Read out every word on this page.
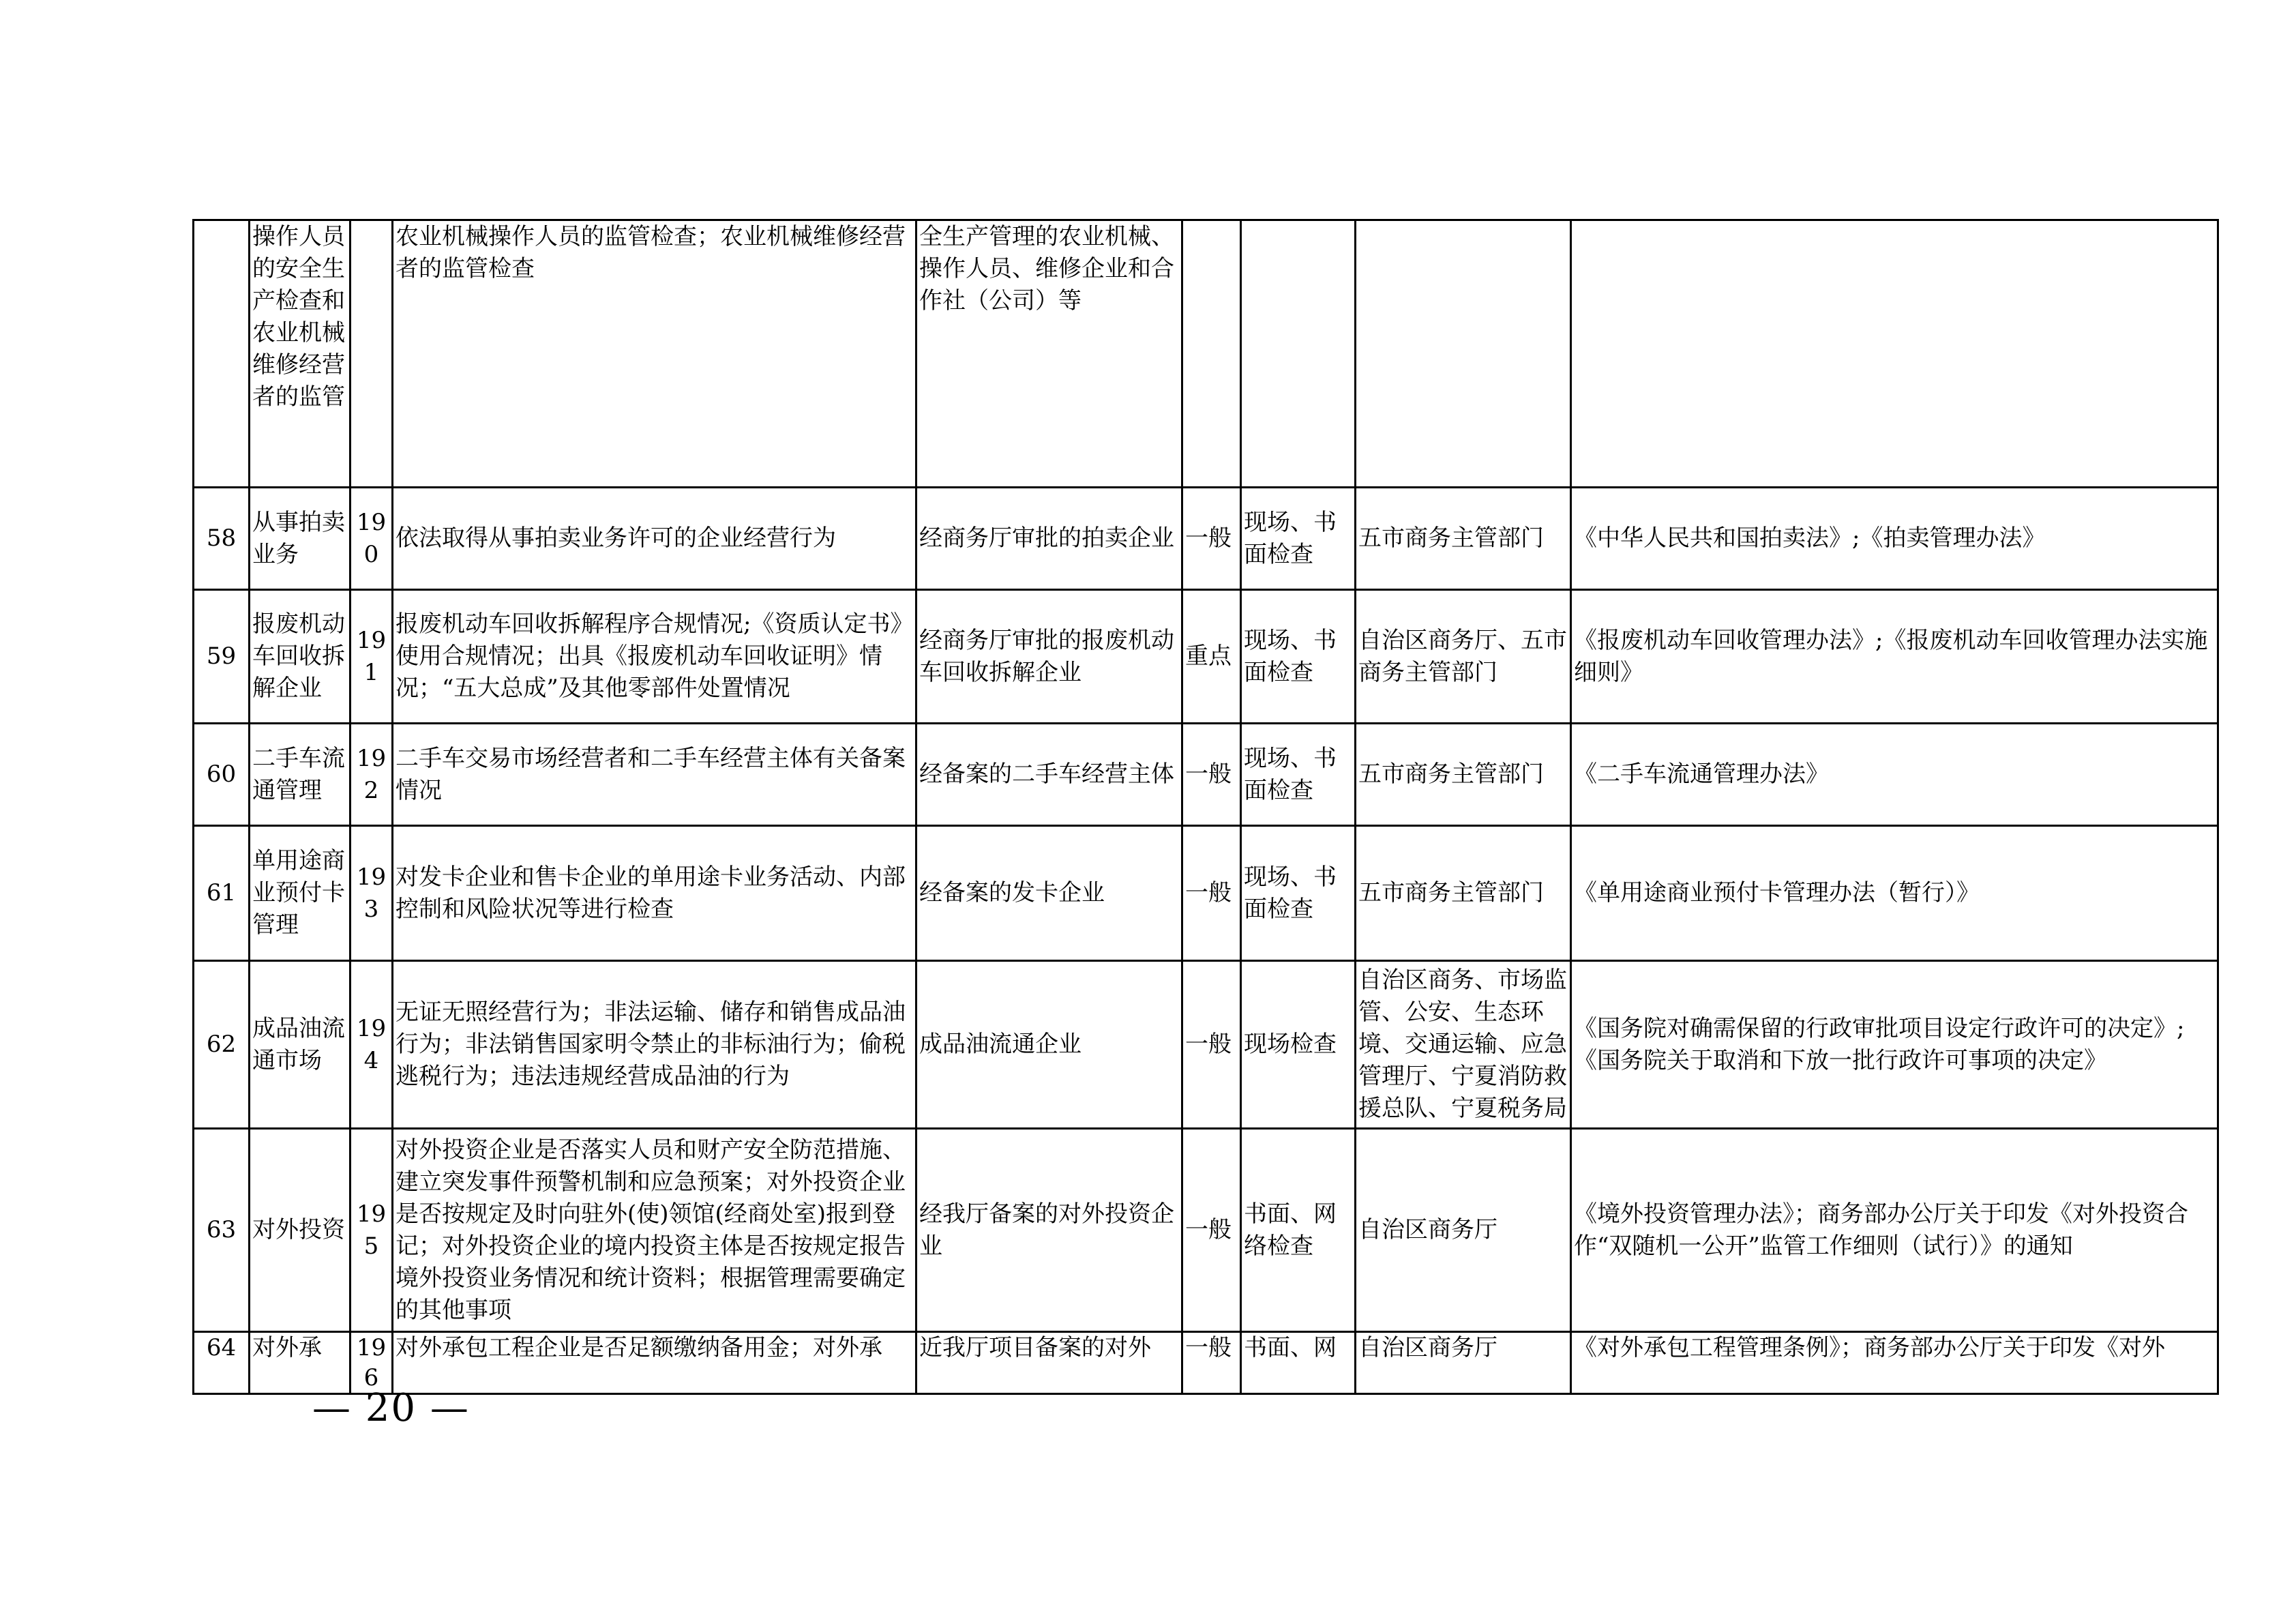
	操作人员的安全生产检查和农业机械维修经营者的监管		农业机械操作人员的监管检查；农业机械维修经营者的监管检查	全生产管理的农业机械、操作人员、维修企业和合作社（公司）等				
58	从事拍卖业务	190	依法取得从事拍卖业务许可的企业经营行为	经商务厅审批的拍卖企业	一般	现场、书面检查	五市商务主管部门	《中华人民共和国拍卖法》;《拍卖管理办法》
59	报废机动车回收拆解企业	191	报废机动车回收拆解程序合规情况;《资质认定书》使用合规情况；出具《报废机动车回收证明》情况；“五大总成”及其他零部件处置情况	经商务厅审批的报废机动车回收拆解企业	重点	现场、书面检查	自治区商务厅、五市商务主管部门	《报废机动车回收管理办法》;《报废机动车回收管理办法实施细则》
60	二手车流通管理	192	二手车交易市场经营者和二手车经营主体有关备案情况	经备案的二手车经营主体	一般	现场、书面检查	五市商务主管部门	《二手车流通管理办法》
61	单用途商业预付卡管理	193	对发卡企业和售卡企业的单用途卡业务活动、内部控制和风险状况等进行检查	经备案的发卡企业	一般	现场、书面检查	五市商务主管部门	《单用途商业预付卡管理办法（暂行）》
62	成品油流通市场	194	无证无照经营行为；非法运输、储存和销售成品油行为；非法销售国家明令禁止的非标油行为；偷税逃税行为；违法违规经营成品油的行为	成品油流通企业	一般	现场检查	自治区商务、市场监管、公安、生态环境、交通运输、应急管理厅、宁夏消防救援总队、宁夏税务局	《国务院对确需保留的行政审批项目设定行政许可的决定》;《国务院关于取消和下放一批行政许可事项的决定》
63	对外投资	195	对外投资企业是否落实人员和财产安全防范措施、建立突发事件预警机制和应急预案；对外投资企业是否按规定及时向驻外(使)领馆(经商处室)报到登记；对外投资企业的境内投资主体是否按规定报告境外投资业务情况和统计资料；根据管理需要确定的其他事项	经我厅备案的对外投资企业	一般	书面、网络检查	自治区商务厅	《境外投资管理办法》；商务部办公厅关于印发《对外投资合作“双随机一公开”监管工作细则（试行）》的通知
64	对外承	196	对外承包工程企业是否足额缴纳备用金；对外承	近我厅项目备案的对外	一般	书面、网	自治区商务厅	《对外承包工程管理条例》；商务部办公厅关于印发《对外
— 20 —
